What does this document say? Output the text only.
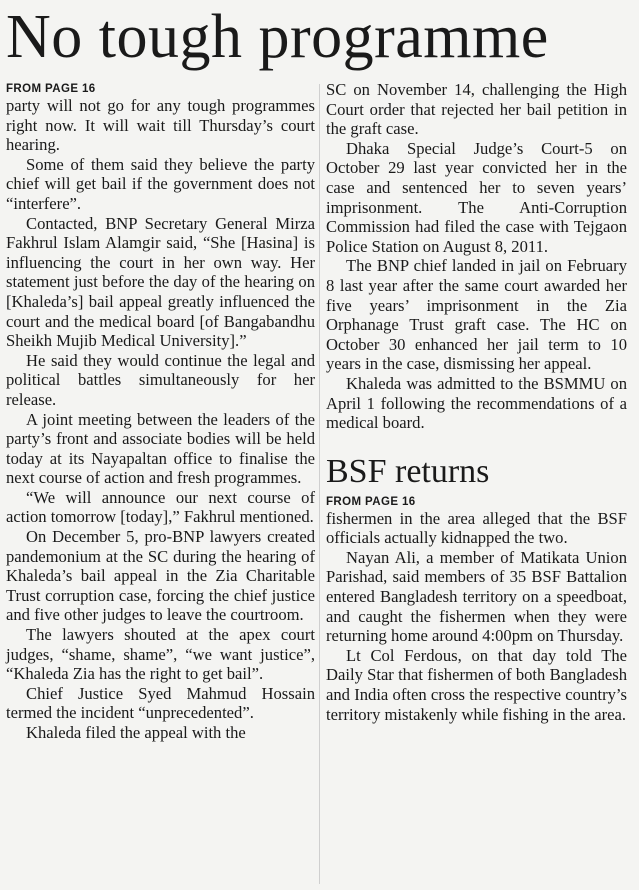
No tough programme
FROM PAGE 16

party will not go for any tough programmes right now. It will wait till Thursday’s court hearing.

Some of them said they believe the party chief will get bail if the government does not “interfere”.

Contacted, BNP Secretary General Mirza Fakhrul Islam Alamgir said, “She [Hasina] is influencing the court in her own way. Her statement just before the day of the hearing on [Khaleda’s] bail appeal greatly influenced the court and the medical board [of Bangabandhu Sheikh Mujib Medical University].”

He said they would continue the legal and political battles simultaneously for her release.

A joint meeting between the leaders of the party’s front and associate bodies will be held today at its Nayapaltan office to finalise the next course of action and fresh programmes.

“We will announce our next course of action tomorrow [today],” Fakhrul mentioned.

On December 5, pro-BNP lawyers created pandemonium at the SC during the hearing of Khaleda’s bail appeal in the Zia Charitable Trust corruption case, forcing the chief justice and five other judges to leave the courtroom.

The lawyers shouted at the apex court judges, “shame, shame”, “we want justice”, “Khaleda Zia has the right to get bail”.

Chief Justice Syed Mahmud Hossain termed the incident “unprecedented”.

Khaleda filed the appeal with the

SC on November 14, challenging the High Court order that rejected her bail petition in the graft case.

Dhaka Special Judge’s Court-5 on October 29 last year convicted her in the case and sentenced her to seven years’ imprisonment. The Anti-Corruption Commission had filed the case with Tejgaon Police Station on August 8, 2011.

The BNP chief landed in jail on February 8 last year after the same court awarded her five years’ imprisonment in the Zia Orphanage Trust graft case. The HC on October 30 enhanced her jail term to 10 years in the case, dismissing her appeal.

Khaleda was admitted to the BSMMU on April 1 following the recommendations of a medical board.

BSF returns
FROM PAGE 16

fishermen in the area alleged that the BSF officials actually kidnapped the two.

Nayan Ali, a member of Matikata Union Parishad, said members of 35 BSF Battalion entered Bangladesh territory on a speedboat, and caught the fishermen when they were returning home around 4:00pm on Thursday.

Lt Col Ferdous, on that day told The Daily Star that fishermen of both Bangladesh and India often cross the respective country’s territory mistakenly while fishing in the area.
